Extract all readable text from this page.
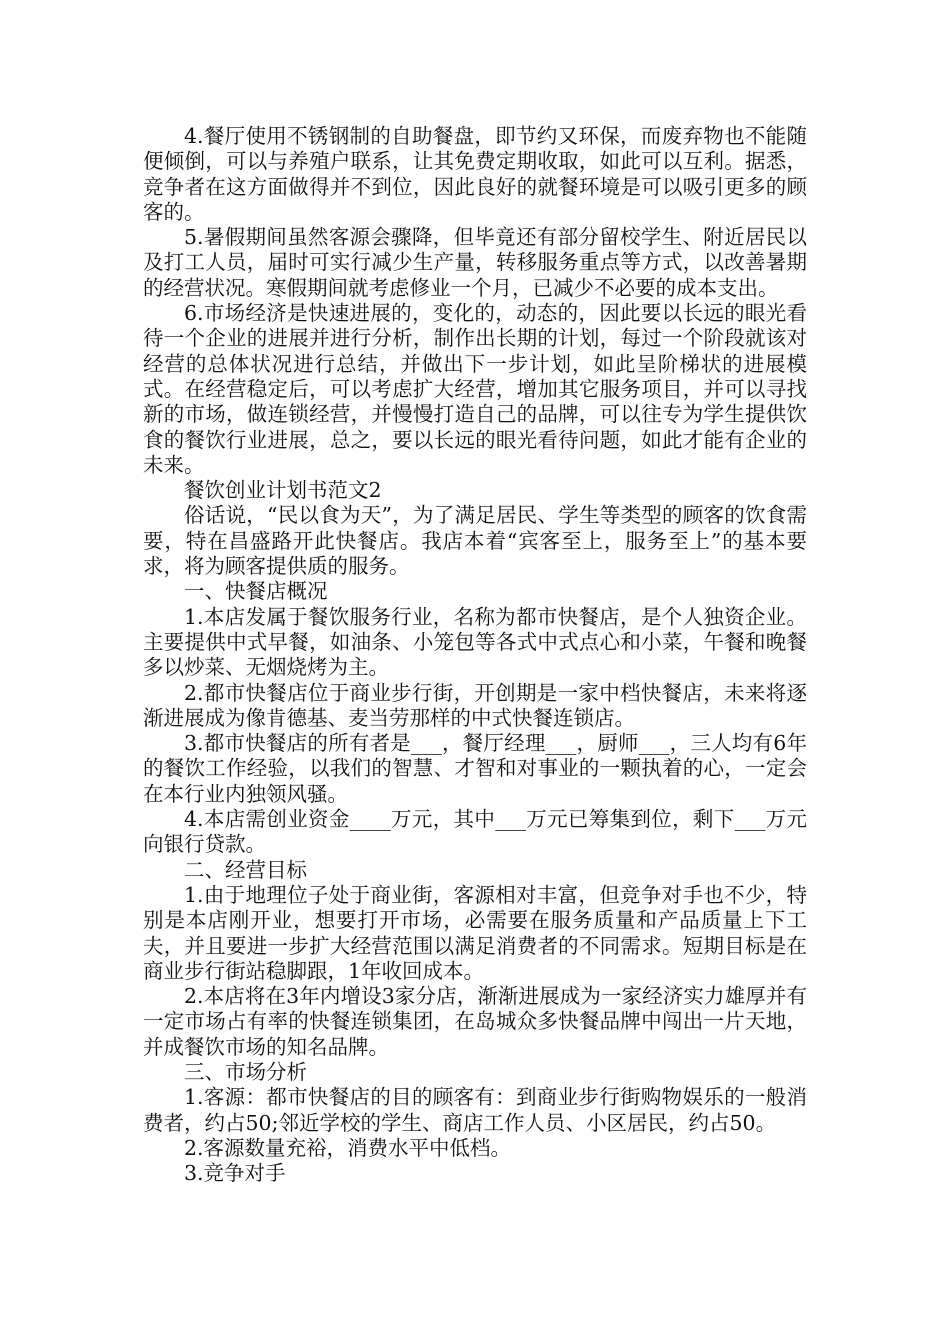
4.餐厅使用不锈钢制的自助餐盘，即节约又环保，而废弃物也不能随便倾倒，可以与养殖户联系，让其免费定期收取，如此可以互利。据悉，竞争者在这方面做得并不到位，因此良好的就餐环境是可以吸引更多的顾客的。

5.暑假期间虽然客源会骤降，但毕竟还有部分留校学生、附近居民以及打工人员，届时可实行减少生产量，转移服务重点等方式，以改善暑期的经营状况。寒假期间就考虑修业一个月，已减少不必要的成本支出。

6.市场经济是快速进展的，变化的，动态的，因此要以长远的眼光看待一个企业的进展并进行分析，制作出长期的计划，每过一个阶段就该对经营的总体状况进行总结，并做出下一步计划，如此呈阶梯状的进展模式。在经营稳定后，可以考虑扩大经营，增加其它服务项目，并可以寻找新的市场，做连锁经营，并慢慢打造自己的品牌，可以往专为学生提供饮食的餐饮行业进展，总之，要以长远的眼光看待问题，如此才能有企业的未来。

餐饮创业计划书范文2

俗话说，“民以食为天”，为了满足居民、学生等类型的顾客的饮食需要，特在昌盛路开此快餐店。我店本着“宾客至上，服务至上”的基本要求，将为顾客提供质的服务。

一、快餐店概况

1.本店发属于餐饮服务行业，名称为都市快餐店，是个人独资企业。主要提供中式早餐，如油条、小笼包等各式中式点心和小菜，午餐和晚餐多以炒菜、无烟烧烤为主。

2.都市快餐店位于商业步行街，开创期是一家中档快餐店，未来将逐渐进展成为像肯德基、麦当劳那样的中式快餐连锁店。

3.都市快餐店的所有者是___，餐厅经理___，厨师___，三人均有6年的餐饮工作经验，以我们的智慧、才智和对事业的一颗执着的心，一定会在本行业内独领风骚。

4.本店需创业资金____万元，其中___万元已筹集到位，剩下___万元向银行贷款。

二、经营目标

1.由于地理位子处于商业街，客源相对丰富，但竞争对手也不少，特别是本店刚开业，想要打开市场，必需要在服务质量和产品质量上下工夫，并且要进一步扩大经营范围以满足消费者的不同需求。短期目标是在商业步行街站稳脚跟，1年收回成本。

2.本店将在3年内增设3家分店，渐渐进展成为一家经济实力雄厚并有一定市场占有率的快餐连锁集团，在岛城众多快餐品牌中闯出一片天地，并成餐饮市场的知名品牌。

三、市场分析

1.客源：都市快餐店的目的顾客有：到商业步行街购物娱乐的一般消费者，约占50;邻近学校的学生、商店工作人员、小区居民，约占50。

2.客源数量充裕，消费水平中低档。

3.竞争对手
